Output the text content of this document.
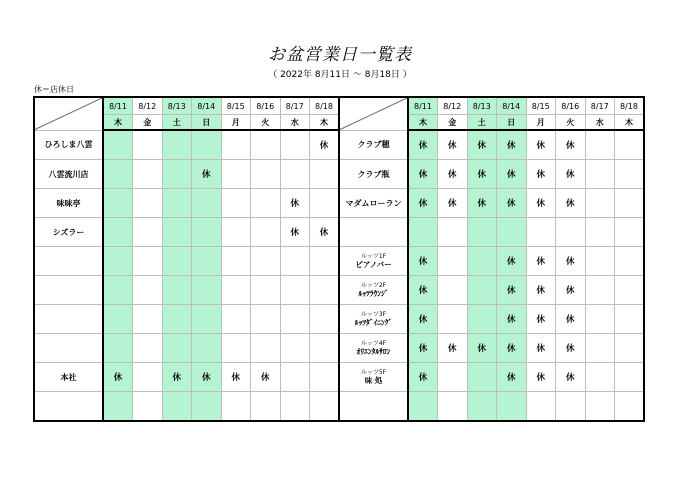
お盆営業日一覧表
（ 2022年 8月11日 ～ 8月18日 ）
休＝店休日
	8/11	8/12	8/13	8/14	8/15	8/16	8/17	8/18
	木	金	土	日	月	火	水	木
ひろしま八雲								休
八雲流川店				休				
味味亭							休	
シズラー							休	休

本社	休		休	休	休	休		

	8/11	8/12	8/13	8/14	8/15	8/16	8/17	8/18
	木	金	土	日	月	火	水	木
クラブ穂	休	休	休	休	休	休		
クラブ瓶	休	休	休	休	休	休		
マダムローラン	休	休	休	休	休	休		

ルッツ1F
ピアノバー	休			休	休	休		

ルッツ2F
ﾙｯﾂﾗｳﾝｼﾞ	休			休	休	休		

ルッツ3F
ﾙｯﾂﾀﾞｲﾆﾝｸﾞ	休			休	休	休		

ルッツ4F
ｵﾘｴﾝﾀﾙｻﾛﾝ	休	休	休	休	休	休		

ルッツ5F
味 処	休			休	休	休		
